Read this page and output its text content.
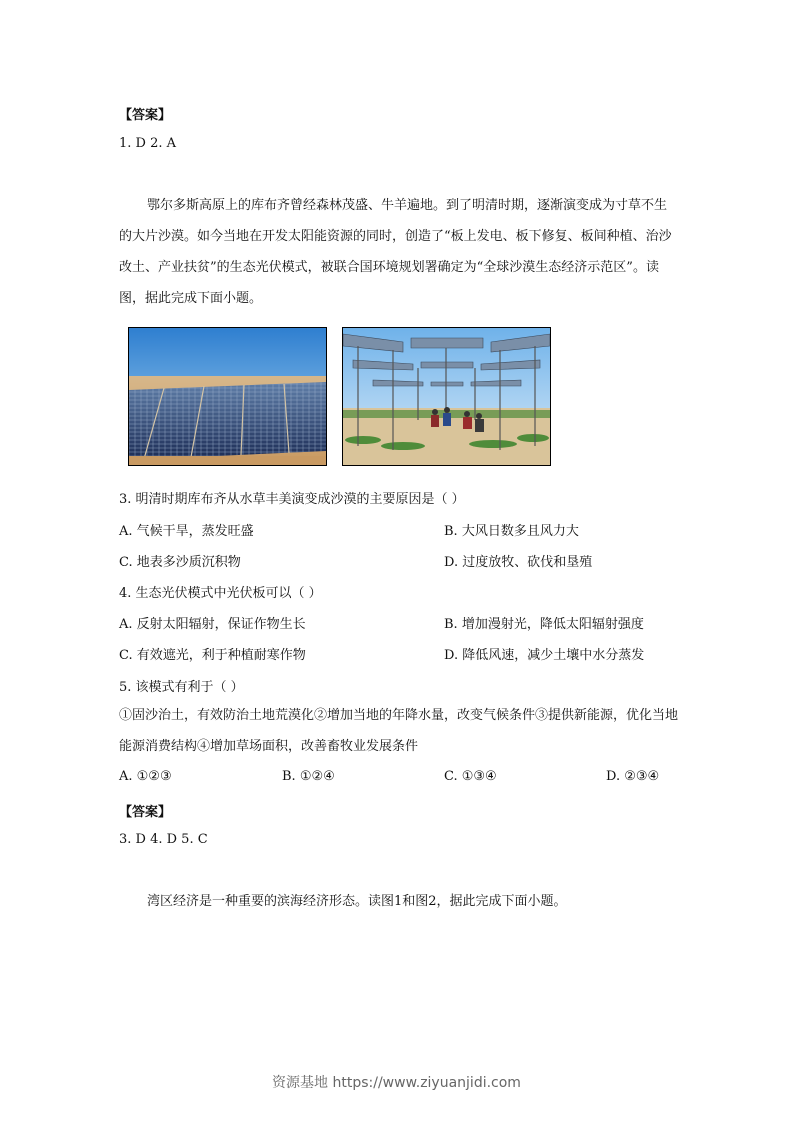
【答案】
1. D 2. A
鄂尔多斯高原上的库布齐曾经森林茂盛、牛羊遍地。到了明清时期，逐渐演变成为寸草不生的大片沙漠。如今当地在开发太阳能资源的同时，创造了“板上发电、板下修复、板间种植、治沙改土、产业扶贫”的生态光伏模式，被联合国环境规划署确定为“全球沙漠生态经济示范区”。读图，据此完成下面小题。
3. 明清时期库布齐从水草丰美演变成沙漠的主要原因是（ ）
A. 气候干旱，蒸发旺盛	B. 大风日数多且风力大
C. 地表多沙质沉积物	D. 过度放牧、砍伐和垦殖
4. 生态光伏模式中光伏板可以（ ）
A. 反射太阳辐射，保证作物生长	B. 增加漫射光，降低太阳辐射强度
C. 有效遮光，利于种植耐寒作物	D. 降低风速，减少土壤中水分蒸发
5. 该模式有利于（ ）
①固沙治土，有效防治土地荒漠化②增加当地的年降水量，改变气候条件③提供新能源，优化当地能源消费结构④增加草场面积，改善畜牧业发展条件
A. ①②③	B. ①②④	C. ①③④	D. ②③④
【答案】
3. D 4. D 5. C
湾区经济是一种重要的滨海经济形态。读图1和图2，据此完成下面小题。
资源基地 https://www.ziyuanjidi.com
